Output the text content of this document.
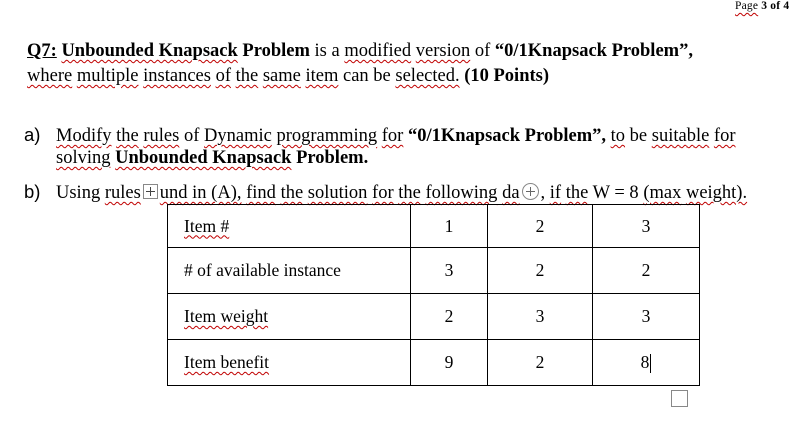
Page 3 of 4
Q7: Unbounded Knapsack Problem is a modified version of “0/1Knapsack Problem”,
where multiple instances of the same item can be selected. (10 Points)
a) Modify the rules of Dynamic programming for “0/1Knapsack Problem”, to be suitable for
solving Unbounded Knapsack Problem.
b) Using rules und in (A), find the solution for the following da , if the W = 8 (max weight).
Item #	1	2	3
# of available instance	3	2	2
Item weight	2	3	3
Item benefit	9	2	8
